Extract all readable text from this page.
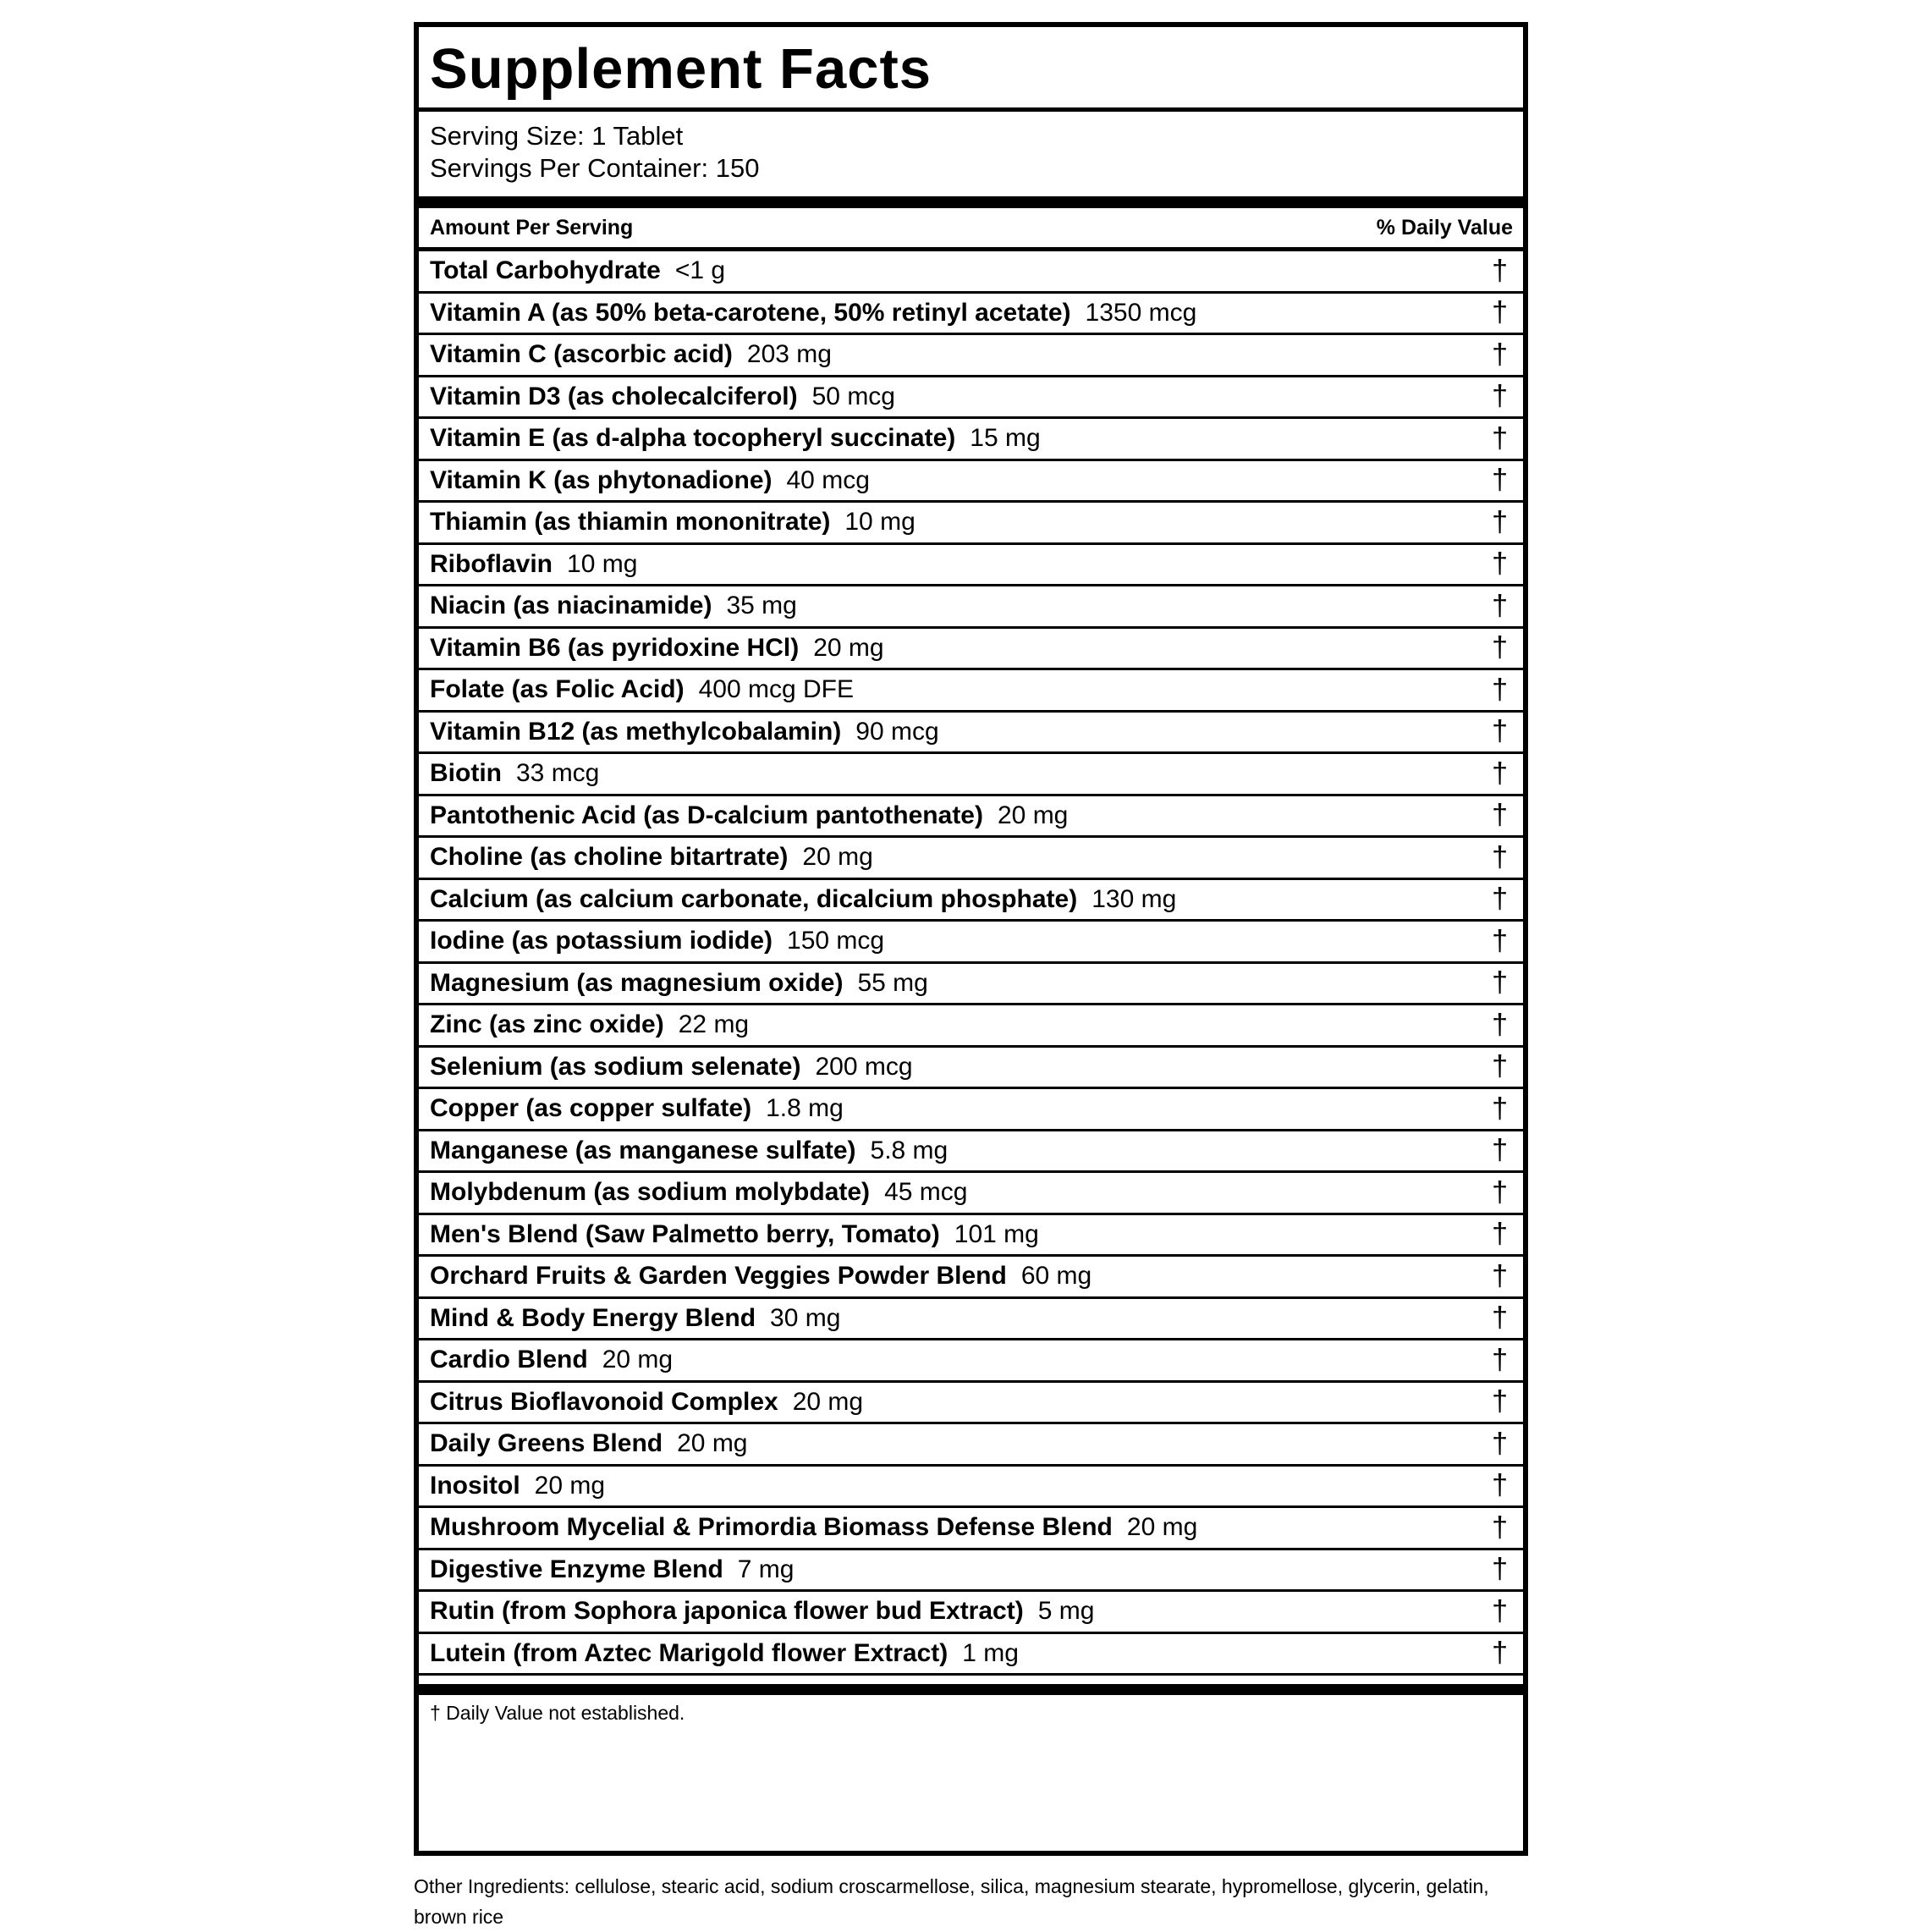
Supplement Facts
Serving Size: 1 Tablet
Servings Per Container: 150
Amount Per Serving	% Daily Value
Total Carbohydrate <1 g	†
Vitamin A (as 50% beta-carotene, 50% retinyl acetate) 1350 mcg	†
Vitamin C (ascorbic acid) 203 mg	†
Vitamin D3 (as cholecalciferol) 50 mcg	†
Vitamin E (as d-alpha tocopheryl succinate) 15 mg	†
Vitamin K (as phytonadione) 40 mcg	†
Thiamin (as thiamin mononitrate) 10 mg	†
Riboflavin 10 mg	†
Niacin (as niacinamide) 35 mg	†
Vitamin B6 (as pyridoxine HCl) 20 mg	†
Folate (as Folic Acid) 400 mcg DFE	†
Vitamin B12 (as methylcobalamin) 90 mcg	†
Biotin 33 mcg	†
Pantothenic Acid (as D-calcium pantothenate) 20 mg	†
Choline (as choline bitartrate) 20 mg	†
Calcium (as calcium carbonate, dicalcium phosphate) 130 mg	†
Iodine (as potassium iodide) 150 mcg	†
Magnesium (as magnesium oxide) 55 mg	†
Zinc (as zinc oxide) 22 mg	†
Selenium (as sodium selenate) 200 mcg	†
Copper (as copper sulfate) 1.8 mg	†
Manganese (as manganese sulfate) 5.8 mg	†
Molybdenum (as sodium molybdate) 45 mcg	†
Men's Blend (Saw Palmetto berry, Tomato) 101 mg	†
Orchard Fruits & Garden Veggies Powder Blend 60 mg	†
Mind & Body Energy Blend 30 mg	†
Cardio Blend 20 mg	†
Citrus Bioflavonoid Complex 20 mg	†
Daily Greens Blend 20 mg	†
Inositol 20 mg	†
Mushroom Mycelial & Primordia Biomass Defense Blend 20 mg	†
Digestive Enzyme Blend 7 mg	†
Rutin (from Sophora japonica flower bud Extract) 5 mg	†
Lutein (from Aztec Marigold flower Extract) 1 mg	†
† Daily Value not established.
Other Ingredients: cellulose, stearic acid, sodium croscarmellose, silica, magnesium stearate, hypromellose, glycerin, gelatin, brown rice
